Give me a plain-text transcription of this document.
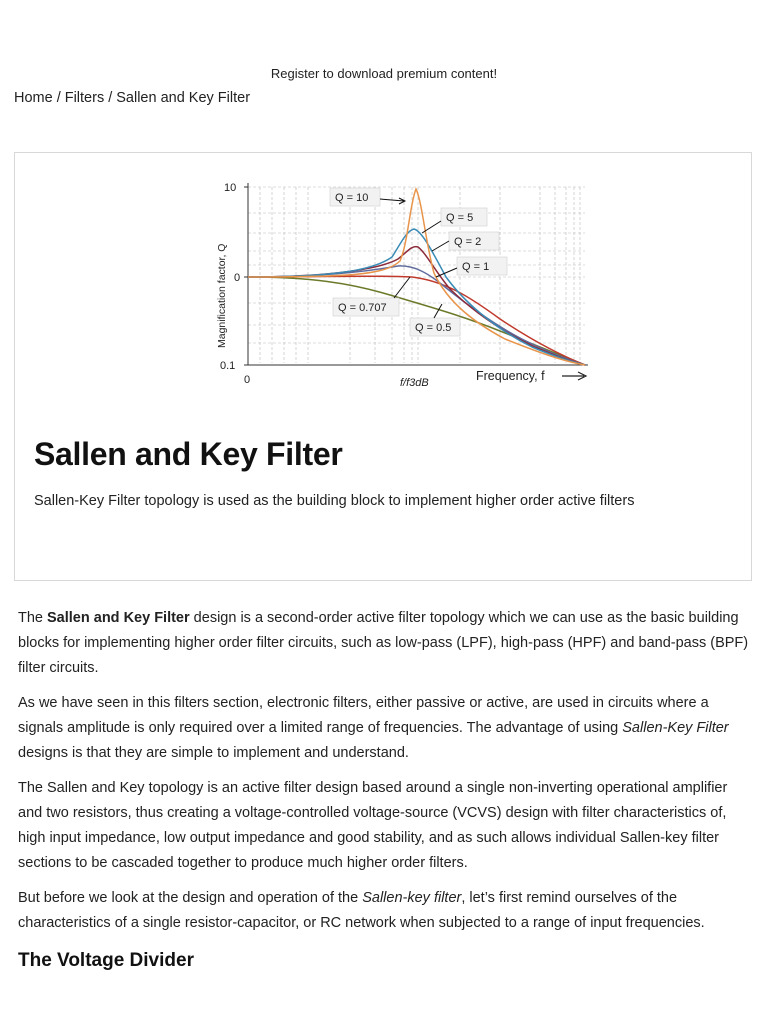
Register to download premium content!
Home / Filters / Sallen and Key Filter
10
0
0.1
0	f/f3dB	Frequency, f
Magnification factor, Q
Q = 10
Q = 5
Q = 2
Q = 1
Q = 0.707
Q = 0.5
Sallen and Key Filter

Sallen-Key Filter topology is used as the building block to implement higher order active filters

The Sallen and Key Filter design is a second-order active filter topology which we can use as the basic building blocks for implementing higher order filter circuits, such as low-pass (LPF), high-pass (HPF) and band-pass (BPF) filter circuits.

As we have seen in this filters section, electronic filters, either passive or active, are used in circuits where a signals amplitude is only required over a limited range of frequencies. The advantage of using Sallen-Key Filter designs is that they are simple to implement and understand.

The Sallen and Key topology is an active filter design based around a single non-inverting operational amplifier and two resistors, thus creating a voltage-controlled voltage-source (VCVS) design with filter characteristics of, high input impedance, low output impedance and good stability, and as such allows individual Sallen-key filter sections to be cascaded together to produce much higher order filters.

But before we look at the design and operation of the Sallen-key filter, let’s first remind ourselves of the characteristics of a single resistor-capacitor, or RC network when subjected to a range of input frequencies.

The Voltage Divider
